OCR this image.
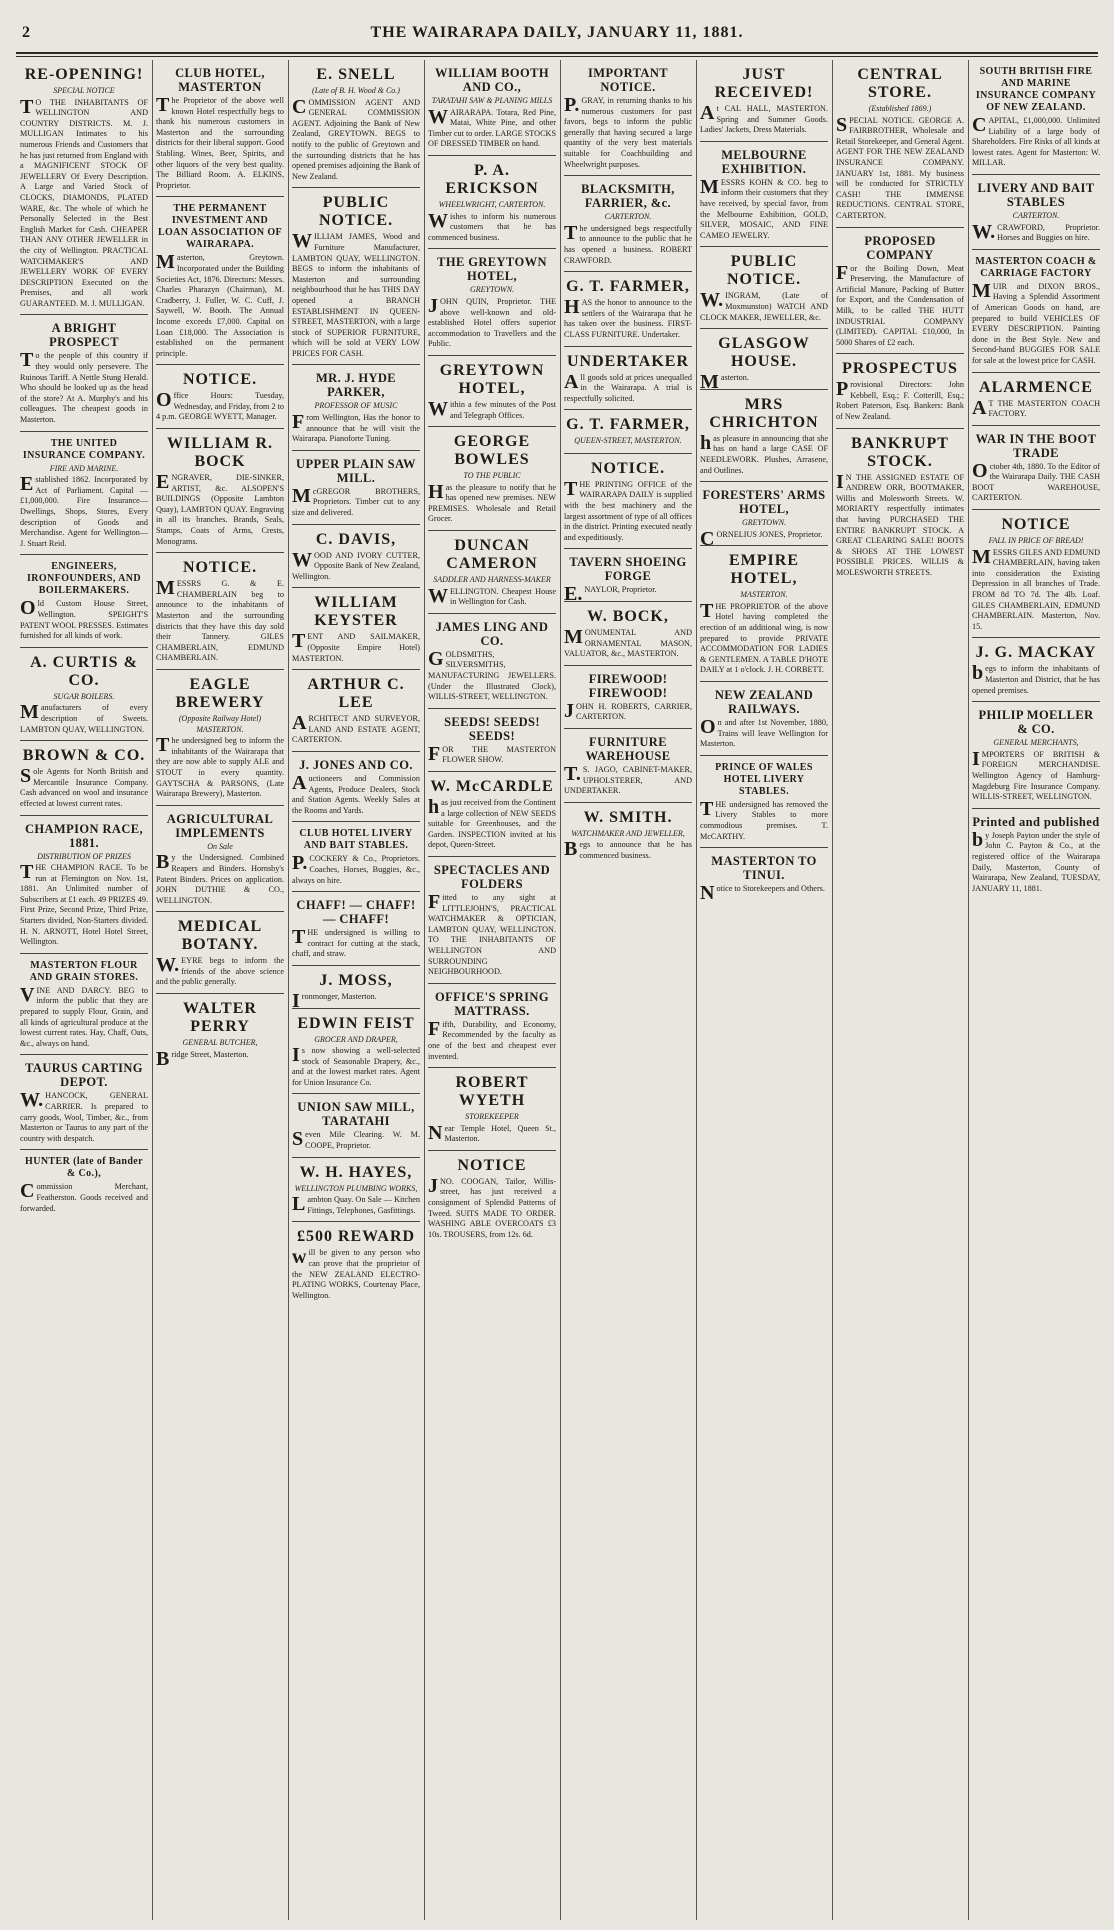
2	THE WAIRARAPA DAILY, JANUARY 11, 1881.
RE-OPENING!
SPECIAL NOTICE

TO THE INHABITANTS OF WELLINGTON AND COUNTRY DISTRICTS. M. J. MULLIGAN Intimates to his numerous Friends and Customers that he has just returned from England with a MAGNIFICENT STOCK OF JEWELLERY Of Every Description. A Large and Varied Stock of CLOCKS, DIAMONDS, PLATED WARE, &c. The whole of which he Personally Selected in the Best English Market for Cash. CHEAPER THAN ANY OTHER JEWELLER in the city of Wellington. PRACTICAL WATCHMAKER'S AND JEWELLERY WORK OF EVERY DESCRIPTION Executed on the Premises, and all work GUARANTEED. M. J. MULLIGAN.

A BRIGHT PROSPECT

To the people of this country if they would only persevere. The Ruinous Tariff. A Nettle Stung Herald. Who should be looked up as the head of the store? At A. Murphy's and his colleagues. The cheapest goods in Masterton.

THE UNITED INSURANCE COMPANY.
FIRE AND MARINE.

Established 1862. Incorporated by Act of Parliament. Capital — £1,000,000. Fire Insurance—Dwellings, Shops, Stores, Every description of Goods and Merchandise. Agent for Wellington—J. Stuart Reid.

ENGINEERS, IRONFOUNDERS, AND BOILERMAKERS.

Old Custom House Street, Wellington. SPEIGHT'S PATENT WOOL PRESSES. Estimates furnished for all kinds of work.

A. CURTIS & CO.
SUGAR BOILERS.

Manufacturers of every description of Sweets. LAMBTON QUAY, WELLINGTON.

BROWN & CO.

Sole Agents for North British and Mercantile Insurance Company. Cash advanced on wool and insurance effected at lowest current rates.

CHAMPION RACE, 1881.
DISTRIBUTION OF PRIZES

THE CHAMPION RACE. To be run at Flemington on Nov. 1st, 1881. An Unlimited number of Subscribers at £1 each. 49 PRIZES 49. First Prize, Second Prize, Third Prize, Starters divided, Non-Starters divided. H. N. ARNOTT, Hotel Hotel Street, Wellington.

MASTERTON FLOUR AND GRAIN STORES.

VINE AND DARCY. BEG to inform the public that they are prepared to supply Flour, Grain, and all kinds of agricultural produce at the lowest current rates. Hay, Chaff, Oats, &c., always on hand.

TAURUS CARTING DEPOT.

W.HANCOCK, GENERAL CARRIER. Is prepared to carry goods, Wool, Timber, &c., from Masterton or Taurus to any part of the country with despatch.

HUNTER (late of Bander & Co.),

Commission Merchant, Featherston. Goods received and forwarded.

CLUB HOTEL, MASTERTON

The Proprietor of the above well known Hotel respectfully begs to thank his numerous customers in Masterton and the surrounding districts for their liberal support. Good Stabling. Wines, Beer, Spirits, and other liquors of the very best quality. The Billiard Room. A. ELKINS, Proprietor.

THE PERMANENT INVESTMENT AND LOAN ASSOCIATION OF WAIRARAPA.

Masterton, Greytown. Incorporated under the Building Societies Act, 1876. Directors: Messrs. Charles Pharazyn (Chairman), M. Cradberry, J. Fuller, W. C. Cuff, J. Saywell, W. Booth. The Annual Income exceeds £7,000. Capital on Loan £18,000. The Association is established on the permanent principle.

NOTICE.

Office Hours: Tuesday, Wednesday, and Friday, from 2 to 4 p.m. GEORGE WYETT, Manager.

WILLIAM R. BOCK

ENGRAVER, DIE-SINKER, ARTIST, &c. ALSOPEN'S BUILDINGS (Opposite Lambton Quay), LAMBTON QUAY. Engraving in all its branches. Brands, Seals, Stamps, Coats of Arms, Crests, Monograms.

NOTICE.

MESSRS G. & E. CHAMBERLAIN beg to announce to the inhabitants of Masterton and the surrounding districts that they have this day sold their Tannery. GILES CHAMBERLAIN, EDMUND CHAMBERLAIN.

EAGLE BREWERY
(Opposite Railway Hotel) MASTERTON.

The undersigned beg to inform the inhabitants of the Wairarapa that they are now able to supply ALE and STOUT in every quantity. GAYTSCHA & PARSONS, (Late Wairarapa Brewery), Masterton.

AGRICULTURAL IMPLEMENTS
On Sale

By the Undersigned. Combined Reapers and Binders. Hornsby's Patent Binders. Prices on application. JOHN DUTHIE & CO., WELLINGTON.

MEDICAL BOTANY.

W.EYRE begs to inform the friends of the above science and the public generally.

WALTER PERRY
GENERAL BUTCHER,

Bridge Street, Masterton.

E. SNELL
(Late of B. H. Wood & Co.)

COMMISSION AGENT AND GENERAL COMMISSION AGENT. Adjoining the Bank of New Zealand, GREYTOWN. BEGS to notify to the public of Greytown and the surrounding districts that he has opened premises adjoining the Bank of New Zealand.

PUBLIC NOTICE.

WILLIAM JAMES, Wood and Furniture Manufacturer, LAMBTON QUAY, WELLINGTON. BEGS to inform the inhabitants of Masterton and surrounding neighbourhood that he has THIS DAY opened a BRANCH ESTABLISHMENT IN QUEEN-STREET, MASTERTON, with a large stock of SUPERIOR FURNITURE, which will be sold at VERY LOW PRICES FOR CASH.

MR. J. HYDE PARKER,
PROFESSOR OF MUSIC

From Wellington, Has the honor to announce that he will visit the Wairarapa. Pianoforte Tuning.

UPPER PLAIN SAW MILL.

McGREGOR BROTHERS, Proprietors. Timber cut to any size and delivered.

C. DAVIS,

WOOD AND IVORY CUTTER, Opposite Bank of New Zealand, Wellington.

WILLIAM KEYSTER

TENT AND SAILMAKER, (Opposite Empire Hotel) MASTERTON.

ARTHUR C. LEE

ARCHITECT AND SURVEYOR, LAND AND ESTATE AGENT, CARTERTON.

J. JONES AND CO.

Auctioneers and Commission Agents, Produce Dealers, Stock and Station Agents. Weekly Sales at the Rooms and Yards.

CLUB HOTEL LIVERY AND BAIT STABLES.

P.COCKERY & Co., Proprietors. Coaches, Horses, Buggies, &c., always on hire.

CHAFF! — CHAFF! — CHAFF!

THE undersigned is willing to contract for cutting at the stack, chaff, and straw.

J. MOSS,

Ironmonger, Masterton.

EDWIN FEIST
GROCER AND DRAPER,

Is now showing a well-selected stock of Seasonable Drapery, &c., and at the lowest market rates. Agent for Union Insurance Co.

UNION SAW MILL, TARATAHI

Seven Mile Clearing. W. M. COOPE, Proprietor.

W. H. HAYES,
WELLINGTON PLUMBING WORKS,

Lambton Quay. On Sale — Kitchen Fittings, Telephones, Gasfittings.

£500 REWARD

will be given to any person who can prove that the proprietor of the NEW ZEALAND ELECTRO-PLATING WORKS, Courtenay Place, Wellington.

WILLIAM BOOTH AND CO.,
TARATAHI SAW & PLANING MILLS

WAIRARAPA. Totara, Red Pine, Matai, White Pine, and other Timber cut to order. LARGE STOCKS OF DRESSED TIMBER on hand.

P. A. ERICKSON
WHEELWRIGHT, CARTERTON.

Wishes to inform his numerous customers that he has commenced business.

THE GREYTOWN HOTEL,
GREYTOWN.

JOHN QUIN, Proprietor. THE above well-known and old-established Hotel offers superior accommodation to Travellers and the Public.

GREYTOWN HOTEL,

Within a few minutes of the Post and Telegraph Offices.

GEORGE BOWLES
TO THE PUBLIC

Has the pleasure to notify that he has opened new premises. NEW PREMISES. Wholesale and Retail Grocer.

DUNCAN CAMERON
SADDLER AND HARNESS-MAKER

WELLINGTON. Cheapest House in Wellington for Cash.

JAMES LING AND CO.

GOLDSMITHS, SILVERSMITHS, MANUFACTURING JEWELLERS. (Under the Illustrated Clock), WILLIS-STREET, WELLINGTON.

SEEDS! SEEDS! SEEDS!

FOR THE MASTERTON FLOWER SHOW.

W. McCARDLE

has just received from the Continent a large collection of NEW SEEDS suitable for Greenhouses, and the Garden. INSPECTION invited at his depot, Queen-Street.

SPECTACLES AND FOLDERS

Fitted to any sight at LITTLEJOHN'S, PRACTICAL WATCHMAKER & OPTICIAN, LAMBTON QUAY, WELLINGTON. TO THE INHABITANTS OF WELLINGTON AND SURROUNDING NEIGHBOURHOOD.

OFFICE'S SPRING MATTRASS.

Fifth, Durability, and Economy, Recommended by the faculty as one of the best and cheapest ever invented.

ROBERT WYETH
STOREKEEPER

Near Temple Hotel, Queen St., Masterton.

NOTICE

JNO. COOGAN, Tailor, Willis-street, has just received a consignment of Splendid Patterns of Tweed. SUITS MADE TO ORDER. WASHING ABLE OVERCOATS £3 10s. TROUSERS, from 12s. 6d.

IMPORTANT NOTICE.

P.GRAY, in returning thanks to his numerous customers for past favors, begs to inform the public generally that having secured a large quantity of the very best materials suitable for Coachbuilding and Wheelwright purposes.

BLACKSMITH, FARRIER, &c.
CARTERTON.

The undersigned begs respectfully to announce to the public that he has opened a business. ROBERT CRAWFORD.

G. T. FARMER,

HAS the honor to announce to the settlers of the Wairarapa that he has taken over the business. FIRST-CLASS FURNITURE. Undertaker.

UNDERTAKER

All goods sold at prices unequalled in the Wairarapa. A trial is respectfully solicited.

G. T. FARMER,
QUEEN-STREET, MASTERTON.
NOTICE.

THE PRINTING OFFICE of the WAIRARAPA DAILY is supplied with the best machinery and the largest assortment of type of all offices in the district. Printing executed neatly and expeditiously.

TAVERN SHOEING FORGE

E.NAYLOR, Proprietor.

W. BOCK,

MONUMENTAL AND ORNAMENTAL MASON, VALUATOR, &c., MASTERTON.

FIREWOOD! FIREWOOD!

JOHN H. ROBERTS, CARRIER, CARTERTON.

FURNITURE WAREHOUSE

T.S. JAGO, CABINET-MAKER, UPHOLSTERER, AND UNDERTAKER.

W. SMITH.
WATCHMAKER AND JEWELLER,

Begs to announce that he has commenced business.

JUST RECEIVED!

At CAL HALL, MASTERTON. Spring and Summer Goods. Ladies' Jackets, Dress Materials.

MELBOURNE EXHIBITION.

MESSRS KOHN & CO. beg to inform their customers that they have received, by special favor, from the Melbourne Exhibition, GOLD, SILVER, MOSAIC, AND FINE CAMEO JEWELRY.

PUBLIC NOTICE.

W.INGRAM, (Late of Moxmunston) WATCH AND CLOCK MAKER, JEWELLER, &c.

GLASGOW HOUSE.

Masterton.

MRS CHRICHTON

has pleasure in announcing that she has on hand a large CASE OF NEEDLEWORK. Plushes, Arrasene, and Outlines.

FORESTERS' ARMS HOTEL,
GREYTOWN.

CORNELIUS JONES, Proprietor.

EMPIRE HOTEL,
MASTERTON.

THE PROPRIETOR of the above Hotel having completed the erection of an additional wing, is now prepared to provide PRIVATE ACCOMMODATION FOR LADIES & GENTLEMEN. A TABLE D'HOTE DAILY at 1 o'clock. J. H. CORBETT.

NEW ZEALAND RAILWAYS.

On and after 1st November, 1880, Trains will leave Wellington for Masterton.

PRINCE OF WALES HOTEL LIVERY STABLES.

THE undersigned has removed the Livery Stables to more commodious premises. T. McCARTHY.

MASTERTON TO TINUI.

Notice to Storekeepers and Others.

CENTRAL STORE.
(Established 1869.)

SPECIAL NOTICE. GEORGE A. FAIRBROTHER, Wholesale and Retail Storekeeper, and General Agent. AGENT FOR THE NEW ZEALAND INSURANCE COMPANY. JANUARY 1st, 1881. My business will be conducted for STRICTLY CASH! THE IMMENSE REDUCTIONS. CENTRAL STORE, CARTERTON.

PROPOSED COMPANY

For the Boiling Down, Meat Preserving, the Manufacture of Artificial Manure, Packing of Butter for Export, and the Condensation of Milk, to be called THE HUTT INDUSTRIAL COMPANY (LIMITED). CAPITAL £10,000, In 5000 Shares of £2 each.

PROSPECTUS

Provisional Directors: John Kebbell, Esq.; F. Cotterill, Esq.; Robert Paterson, Esq. Bankers: Bank of New Zealand.

BANKRUPT STOCK.

IN THE ASSIGNED ESTATE OF ANDREW ORR, BOOTMAKER, Willis and Molesworth Streets. W. MORIARTY respectfully intimates that having PURCHASED THE ENTIRE BANKRUPT STOCK. A GREAT CLEARING SALE! BOOTS & SHOES AT THE LOWEST POSSIBLE PRICES. WILLIS & MOLESWORTH STREETS.

SOUTH BRITISH FIRE AND MARINE INSURANCE COMPANY OF NEW ZEALAND.

CAPITAL, £1,000,000. Unlimited Liability of a large body of Shareholders. Fire Risks of all kinds at lowest rates. Agent for Masterton: W. MILLAR.

LIVERY AND BAIT STABLES
CARTERTON.

W.CRAWFORD, Proprietor. Horses and Buggies on hire.

MASTERTON COACH & CARRIAGE FACTORY

MUIR and DIXON BROS., Having a Splendid Assortment of American Goods on hand, are prepared to build VEHICLES OF EVERY DESCRIPTION. Painting done in the Best Style. New and Second-hand BUGGIES FOR SALE for sale at the lowest price for CASH.

ALARMENCE

AT THE MASTERTON COACH FACTORY.

WAR IN THE BOOT TRADE

October 4th, 1880. To the Editor of the Wairarapa Daily. THE CASH BOOT WAREHOUSE, CARTERTON.

NOTICE
FALL IN PRICE OF BREAD!

MESSRS GILES AND EDMUND CHAMBERLAIN, having taken into consideration the Existing Depression in all branches of Trade. FROM 8d TO 7d. The 4lb. Loaf. GILES CHAMBERLAIN, EDMUND CHAMBERLAIN. Masterton, Nov. 15.

J. G. MACKAY

begs to inform the inhabitants of Masterton and District, that he has opened premises.

PHILIP MOELLER & CO.
GENERAL MERCHANTS,

IMPORTERS OF BRITISH & FOREIGN MERCHANDISE. Wellington Agency of Hamburg-Magdeburg Fire Insurance Company. WILLIS-STREET, WELLINGTON.

Printed and published

by Joseph Payton under the style of John C. Payton & Co., at the registered office of the Wairarapa Daily, Masterton, County of Wairarapa, New Zealand, TUESDAY, JANUARY 11, 1881.
